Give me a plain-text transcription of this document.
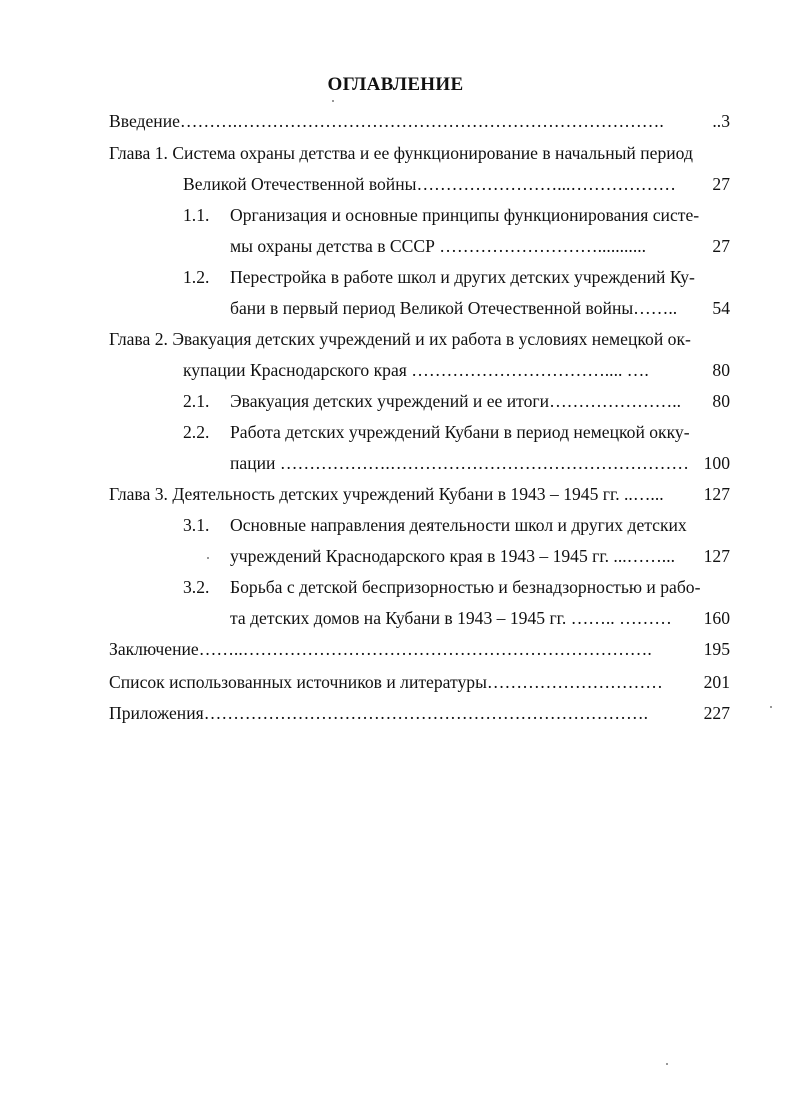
ОГЛАВЛЕНИЕ
Введение ……….……………………………………………………………….	..3
Глава 1. Система охраны детства и ее функционирование в начальный период
Великой Отечественной войны……………………...………………	27
1.1. Организация и основные принципы функционирования систе-
мы охраны детства в СССР ………………………...........	27
1.2. Перестройка в работе школ и других детских учреждений Ку-
бани в первый период Великой Отечественной войны……..	54
Глава 2. Эвакуация детских учреждений и их работа в условиях немецкой ок-
купации Краснодарского края …………………………….... ….	80
2.1. Эвакуация детских учреждений и ее итоги…………………..	80
2.2. Работа детских учреждений Кубани в период немецкой окку-
пации ……………….…………………………………………… 100
Глава 3. Деятельность детских учреждений Кубани в 1943 – 1945 гг. ..…...	127
3.1. Основные направления деятельности школ и других детских
учреждений Краснодарского края в 1943 – 1945 гг. ...……...	127
3.2. Борьба с детской беспризорностью и безнадзорностью и рабо-
та детских домов на Кубани в 1943 – 1945 гг. …….. ………	160
Заключение ……..…………………………………………………………….	195
Список использованных источников и литературы …………………………	201
Приложения ………………………………………………………………….	227
